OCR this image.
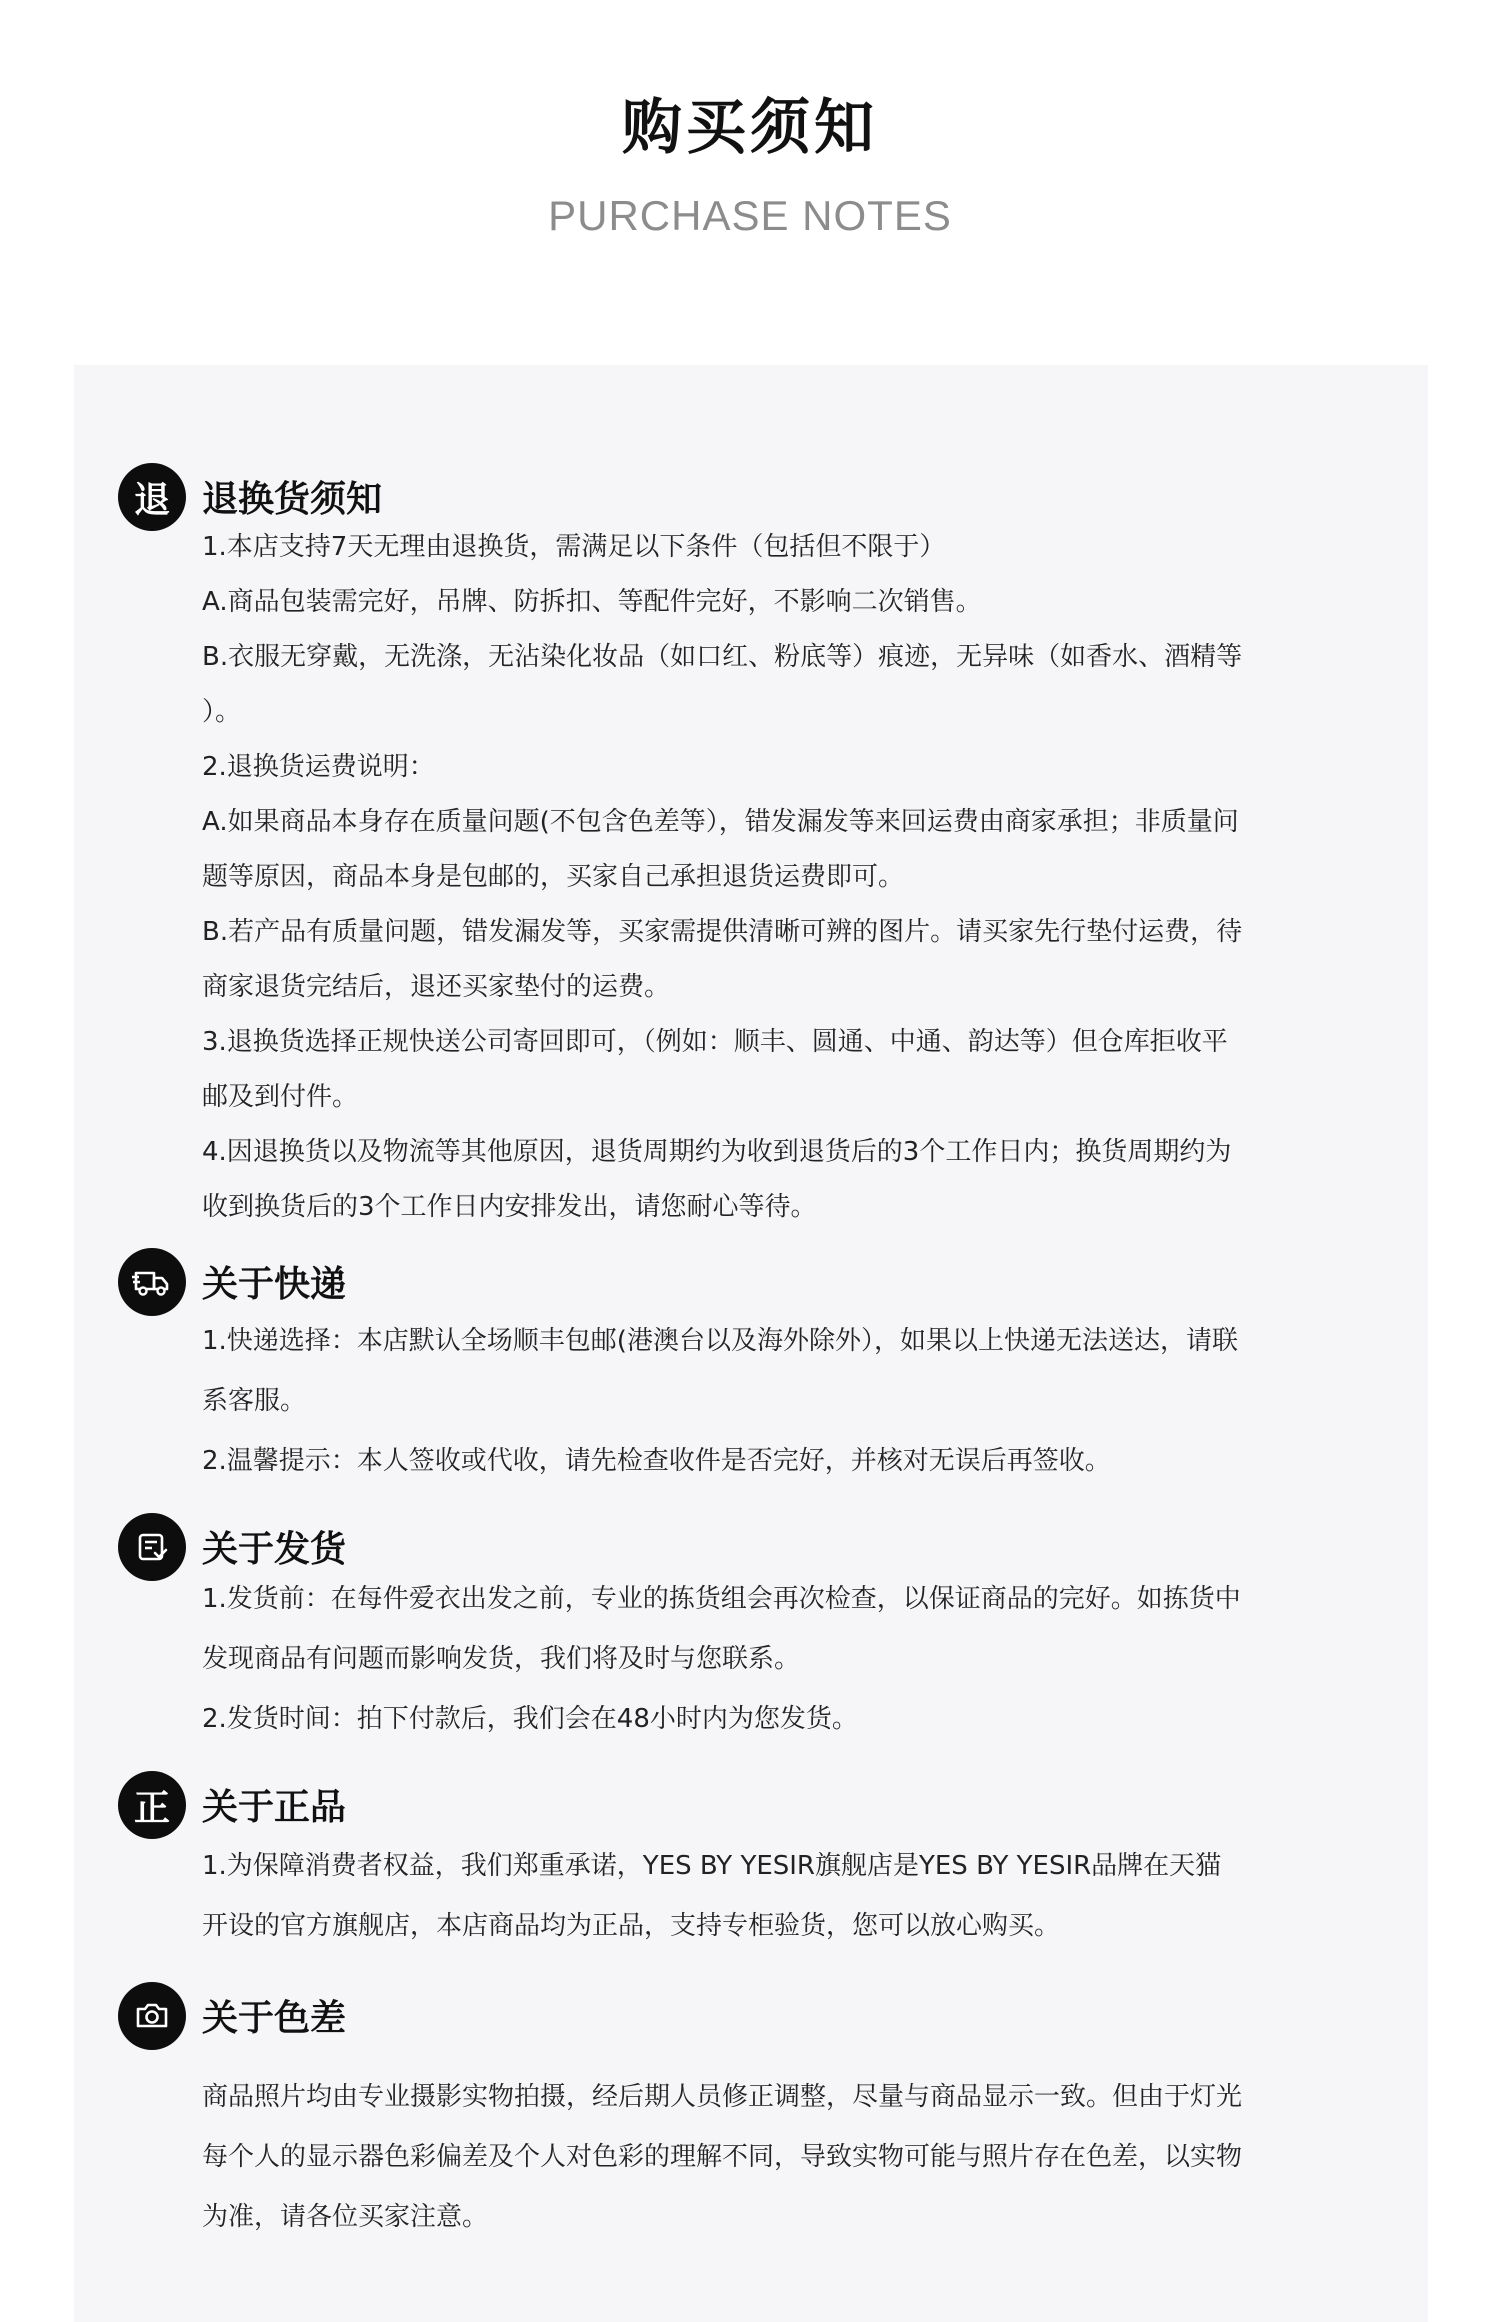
购买须知
PURCHASE NOTES
退 退换货须知
1.本店支持7天无理由退换货，需满足以下条件（包括但不限于）
A.商品包装需完好，吊牌、防拆扣、等配件完好，不影响二次销售。
B.衣服无穿戴，无洗涤，无沾染化妆品（如口红、粉底等）痕迹，无异味（如香水、酒精等
）。
2.退换货运费说明：
A.如果商品本身存在质量问题(不包含色差等），错发漏发等来回运费由商家承担；非质量问
题等原因，商品本身是包邮的，买家自己承担退货运费即可。
B.若产品有质量问题，错发漏发等，买家需提供清晰可辨的图片。请买家先行垫付运费，待
商家退货完结后，退还买家垫付的运费。
3.退换货选择正规快送公司寄回即可，（例如：顺丰、圆通、中通、韵达等）但仓库拒收平
邮及到付件。
4.因退换货以及物流等其他原因，退货周期约为收到退货后的3个工作日内；换货周期约为
收到换货后的3个工作日内安排发出，请您耐心等待。
关于快递
1.快递选择：本店默认全场顺丰包邮(港澳台以及海外除外），如果以上快递无法送达，请联
系客服。
2.温馨提示：本人签收或代收，请先检查收件是否完好，并核对无误后再签收。
关于发货
1.发货前：在每件爱衣出发之前，专业的拣货组会再次检查，以保证商品的完好。如拣货中
发现商品有问题而影响发货，我们将及时与您联系。
2.发货时间：拍下付款后，我们会在48小时内为您发货。
正 关于正品
1.为保障消费者权益，我们郑重承诺，YES BY YESIR旗舰店是YES BY YESIR品牌在天猫
开设的官方旗舰店，本店商品均为正品，支持专柜验货，您可以放心购买。
关于色差
商品照片均由专业摄影实物拍摄，经后期人员修正调整，尽量与商品显示一致。但由于灯光
每个人的显示器色彩偏差及个人对色彩的理解不同，导致实物可能与照片存在色差，以实物
为准，请各位买家注意。
